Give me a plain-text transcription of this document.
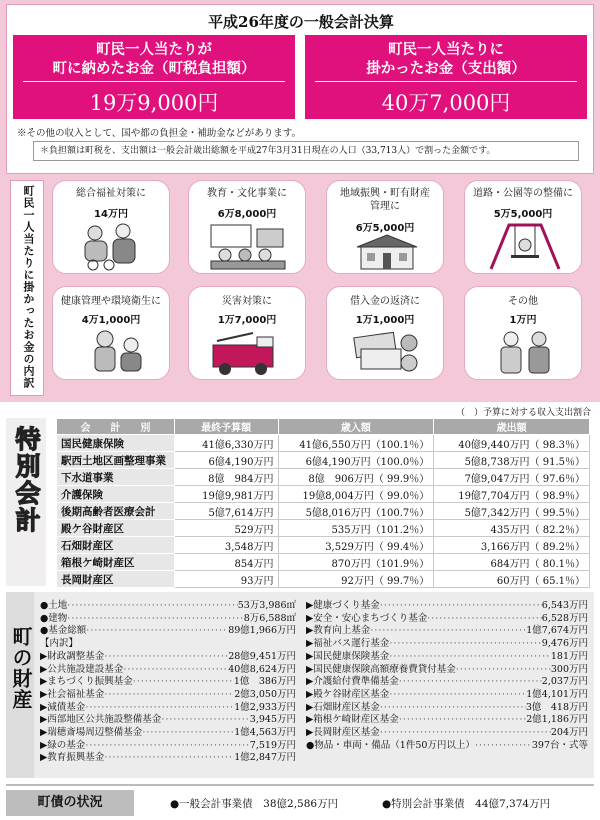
平成26年度の一般会計決算
町民一人当たりが
町に納めたお金（町税負担額）
19万9,000円
町民一人当たりに
掛かったお金（支出額）
40万7,000円
※その他の収入として、国や都の負担金・補助金などがあります。
＊負担額は町税を、支出額は一般会計歳出総額を平成27年3月31日現在の人口（33,713人）で割った金額です。
町民一人当たりに掛かったお金の内訳	総合福祉対策に
14万円
教育・文化事業に
6万8,000円
地域振興・町有財産
管理に
6万5,000円
道路・公園等の整備に
5万5,000円
健康管理や環境衛生に
4万1,000円
災害対策に
1万7,000円
借入金の返済に
1万1,000円
その他
1万円
（　）予算に対する収入支出割合
特別会計	会　　計　　別	最終予算額	歳入額	歳出額
国民健康保険	41億6,330万円	41億6,550万円（100.1％）	40億9,440万円（ 98.3％）
駅西土地区画整理事業	6億4,190万円	6億4,190万円（100.0％）	5億8,738万円（ 91.5％）
下水道事業	8億　984万円	8億　906万円（ 99.9％）	7億9,047万円（ 97.6％）
介護保険	19億9,981万円	19億8,004万円（ 99.0％）	19億7,704万円（ 98.9％）
後期高齢者医療会計	5億7,614万円	5億8,016万円（100.7％）	5億7,342万円（ 99.5％）
殿ケ谷財産区	529万円	535万円（101.2％）	435万円（ 82.2％）
石畑財産区	3,548万円	3,529万円（ 99.4％）	3,166万円（ 89.2％）
箱根ケ崎財産区	854万円	870万円（101.9％）	684万円（ 80.1％）
長岡財産区	93万円	92万円（ 99.7％）	60万円（ 65.1％）
町の財産
●土地 ·····	53万3,986㎡
●建物 ·····	8万6,588㎡
●基金総額 ·····	89億1,966万円
【内訳】
▶財政調整基金 ·····	28億9,451万円
▶公共施設建設基金 ·····	40億8,624万円
▶まちづくり振興基金 ·····	1億　386万円
▶社会福祉基金 ·····	2億3,050万円
▶減債基金 ·····	1億2,933万円
▶西部地区公共施設整備基金 ·····	3,945万円
▶瑞穂斎場周辺整備基金 ·····	1億4,563万円
▶緑の基金 ·····	7,519万円
▶教育振興基金 ·····	1億2,847万円
▶健康づくり基金 ·····	6,543万円
▶安全・安心まちづくり基金 ·····	6,528万円
▶教育向上基金 ·····	1億7,674万円
▶福祉バス運行基金 ·····	9,476万円
▶国民健康保険基金 ·····	181万円
▶国民健康保険高額療養費貸付基金 ·····	300万円
▶介護給付費準備基金 ·····	2,037万円
▶殿ケ谷財産区基金 ·····	1億4,101万円
▶石畑財産区基金 ·····	3億　418万円
▶箱根ケ崎財産区基金 ·····	2億1,186万円
▶長岡財産区基金 ·····	204万円
●物品・車両・備品（1件50万円以上） ·····	397台・式等
町債の状況	●一般会計事業債　38億2,586万円	●特別会計事業債　44億7,374万円
